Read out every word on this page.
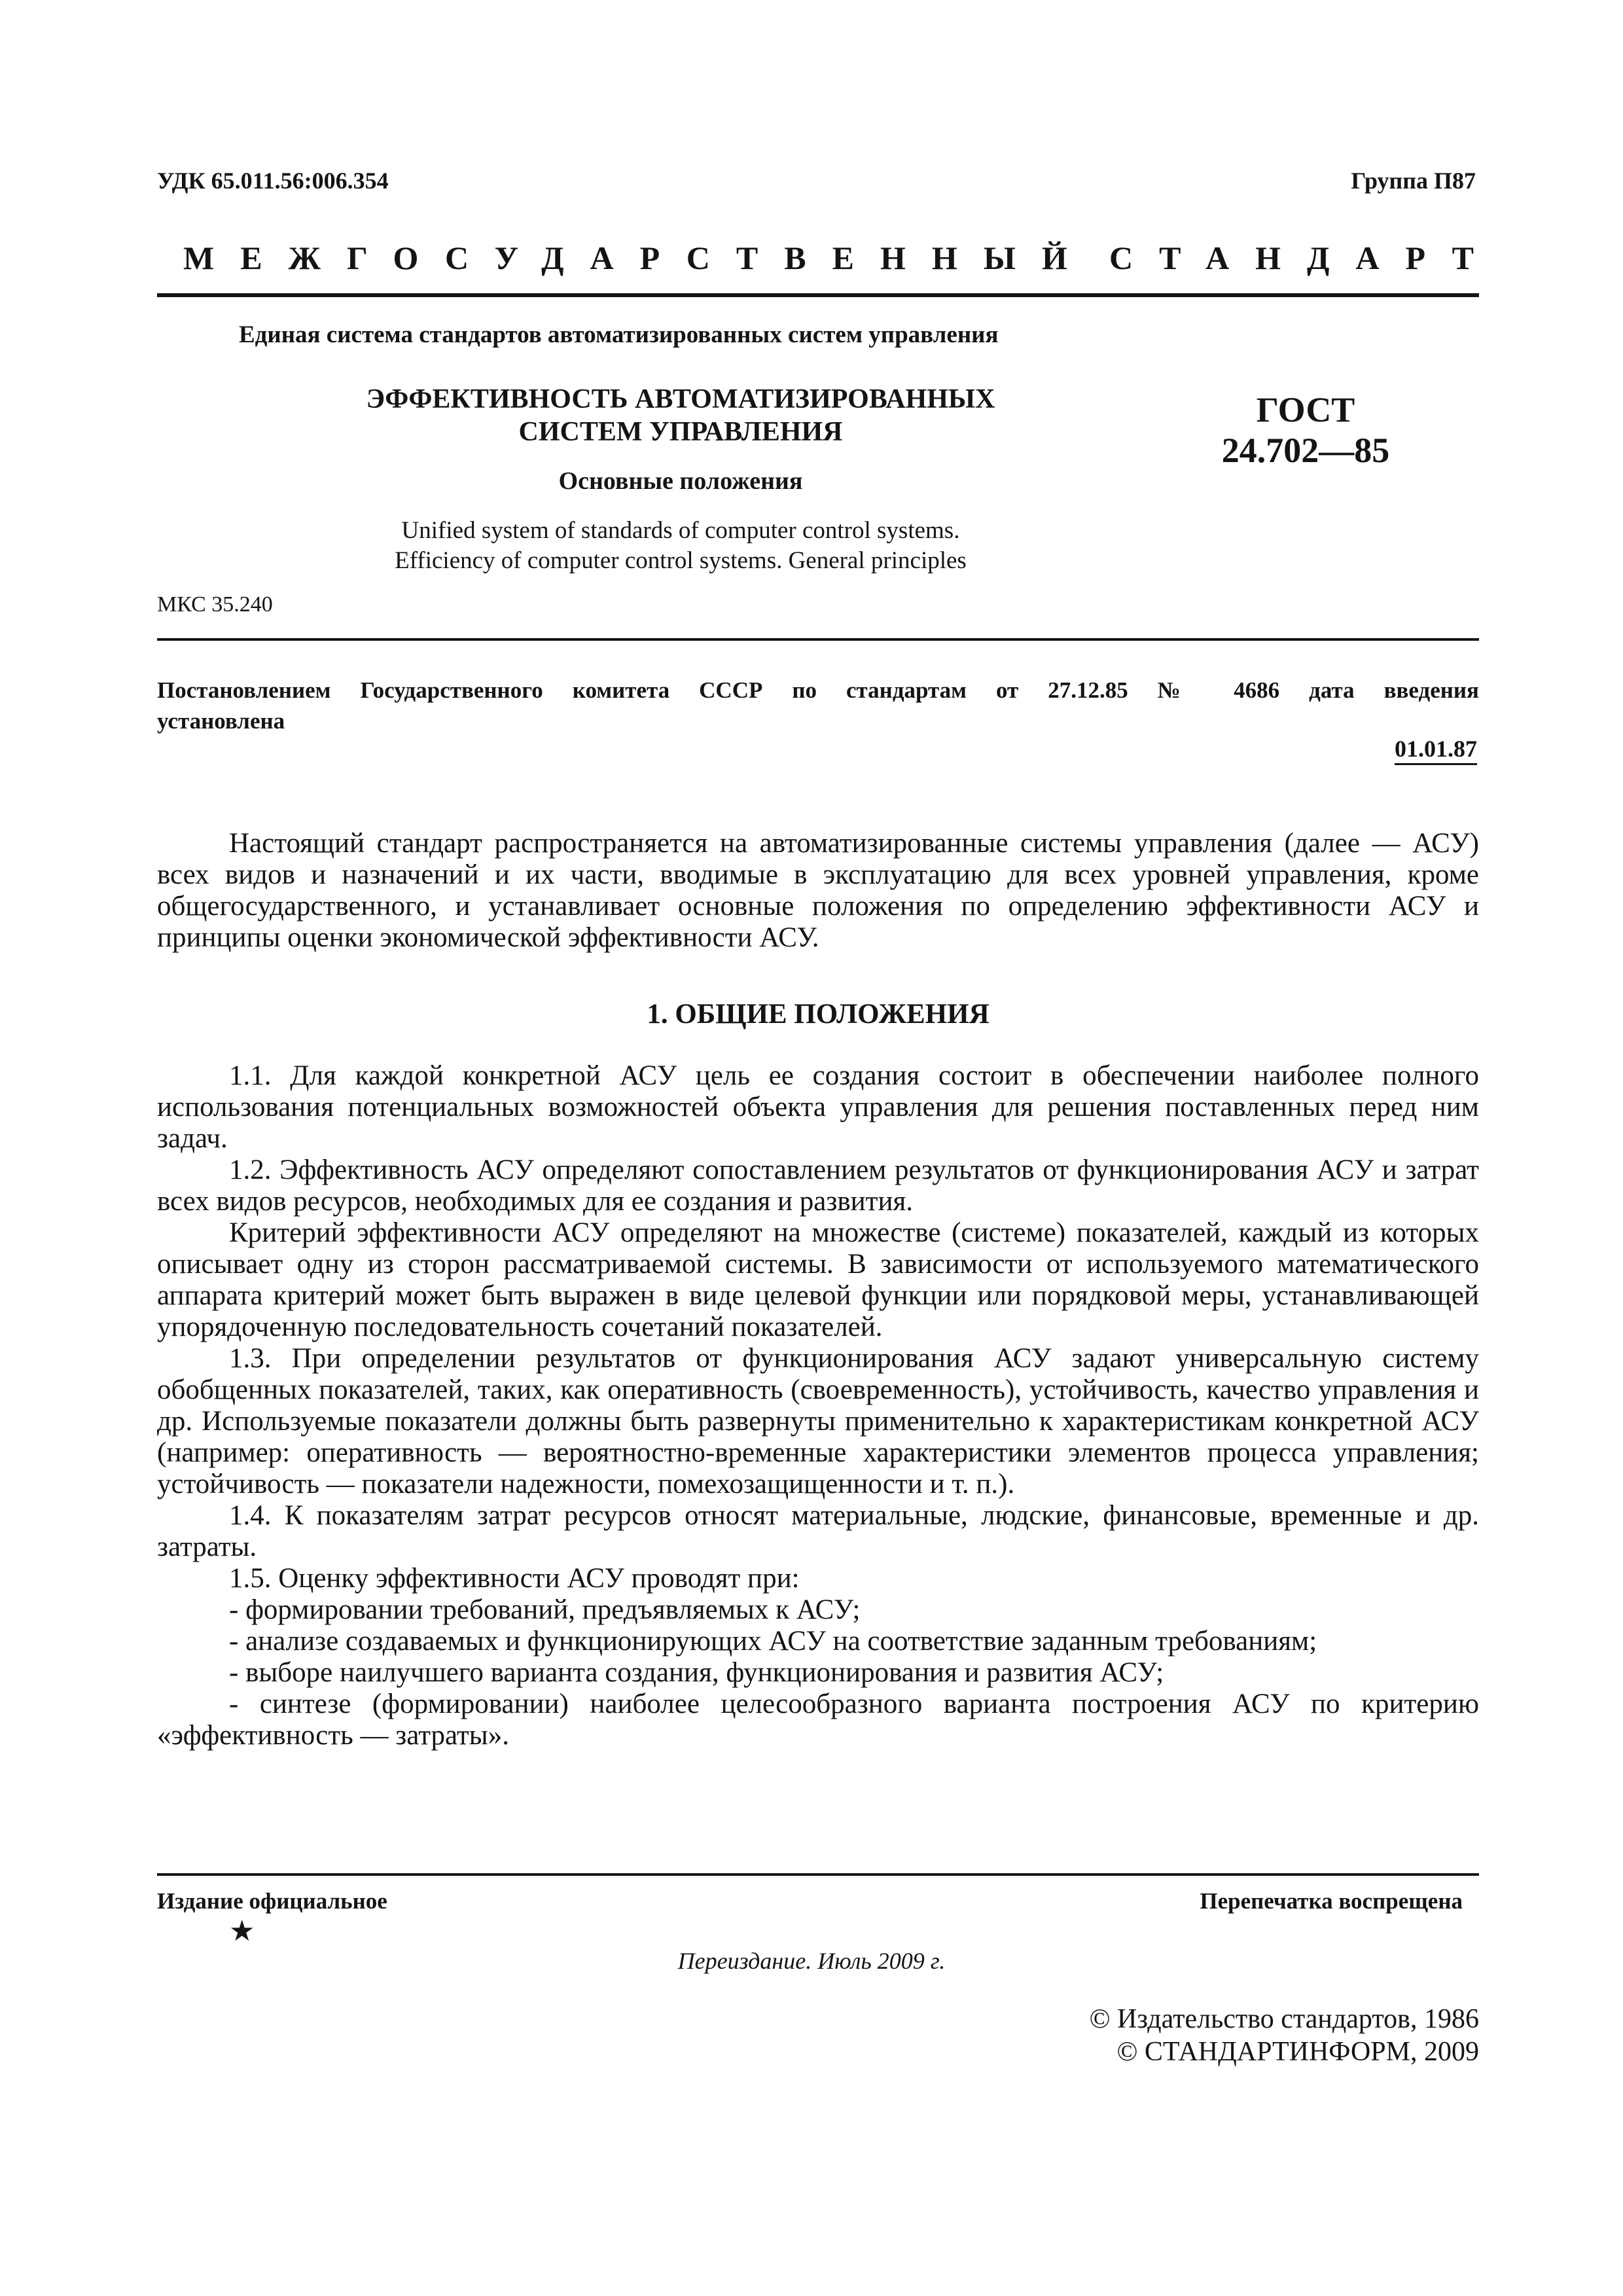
УДК 65.011.56:006.354	Группа П87
МЕЖГОСУДАРСТВЕННЫЙ СТАНДАРТ
Единая система стандартов автоматизированных систем управления
ЭФФЕКТИВНОСТЬ АВТОМАТИЗИРОВАННЫХ
СИСТЕМ УПРАВЛЕНИЯ
Основные положения
Unified system of standards of computer control systems.
Efficiency of computer control systems. General principles
ГОСТ
24.702—85
МКС 35.240
Постановлением Государственного комитета СССР по стандартам от 27.12.85 № 4686 дата введения
установлена
01.01.87

Настоящий стандарт распространяется на автоматизированные системы управления (далее — АСУ) всех видов и назначений и их части, вводимые в эксплуатацию для всех уровней управления, кроме общегосударственного, и устанавливает основные положения по определению эффективности АСУ и принципы оценки экономической эффективности АСУ.

1. ОБЩИЕ ПОЛОЖЕНИЯ

1.1. Для каждой конкретной АСУ цель ее создания состоит в обеспечении наиболее полного использования потенциальных возможностей объекта управления для решения поставленных перед ним задач.

1.2. Эффективность АСУ определяют сопоставлением результатов от функционирования АСУ и затрат всех видов ресурсов, необходимых для ее создания и развития.

Критерий эффективности АСУ определяют на множестве (системе) показателей, каждый из которых описывает одну из сторон рассматриваемой системы. В зависимости от используемого математического аппарата критерий может быть выражен в виде целевой функции или порядковой меры, устанавливающей упорядоченную последовательность сочетаний показателей.

1.3. При определении результатов от функционирования АСУ задают универсальную систему обобщенных показателей, таких, как оперативность (своевременность), устойчивость, качество управления и др. Используемые показатели должны быть развернуты применительно к характеристикам конкретной АСУ (например: оперативность — вероятностно-временные характеристики элементов процесса управления; устойчивость — показатели надежности, помехозащищенности и т. п.).

1.4. К показателям затрат ресурсов относят материальные, людские, финансовые, временные и др. затраты.

1.5. Оценку эффективности АСУ проводят при:

- формировании требований, предъявляемых к АСУ;

- анализе создаваемых и функционирующих АСУ на соответствие заданным требованиям;

- выборе наилучшего варианта создания, функционирования и развития АСУ;

- синтезе (формировании) наиболее целесообразного варианта построения АСУ по критерию «эффективность — затраты».

Издание официальное	Перепечатка воспрещена
★
Переиздание. Июль 2009 г.
© Издательство стандартов, 1986
© СТАНДАРТИНФОРМ, 2009
